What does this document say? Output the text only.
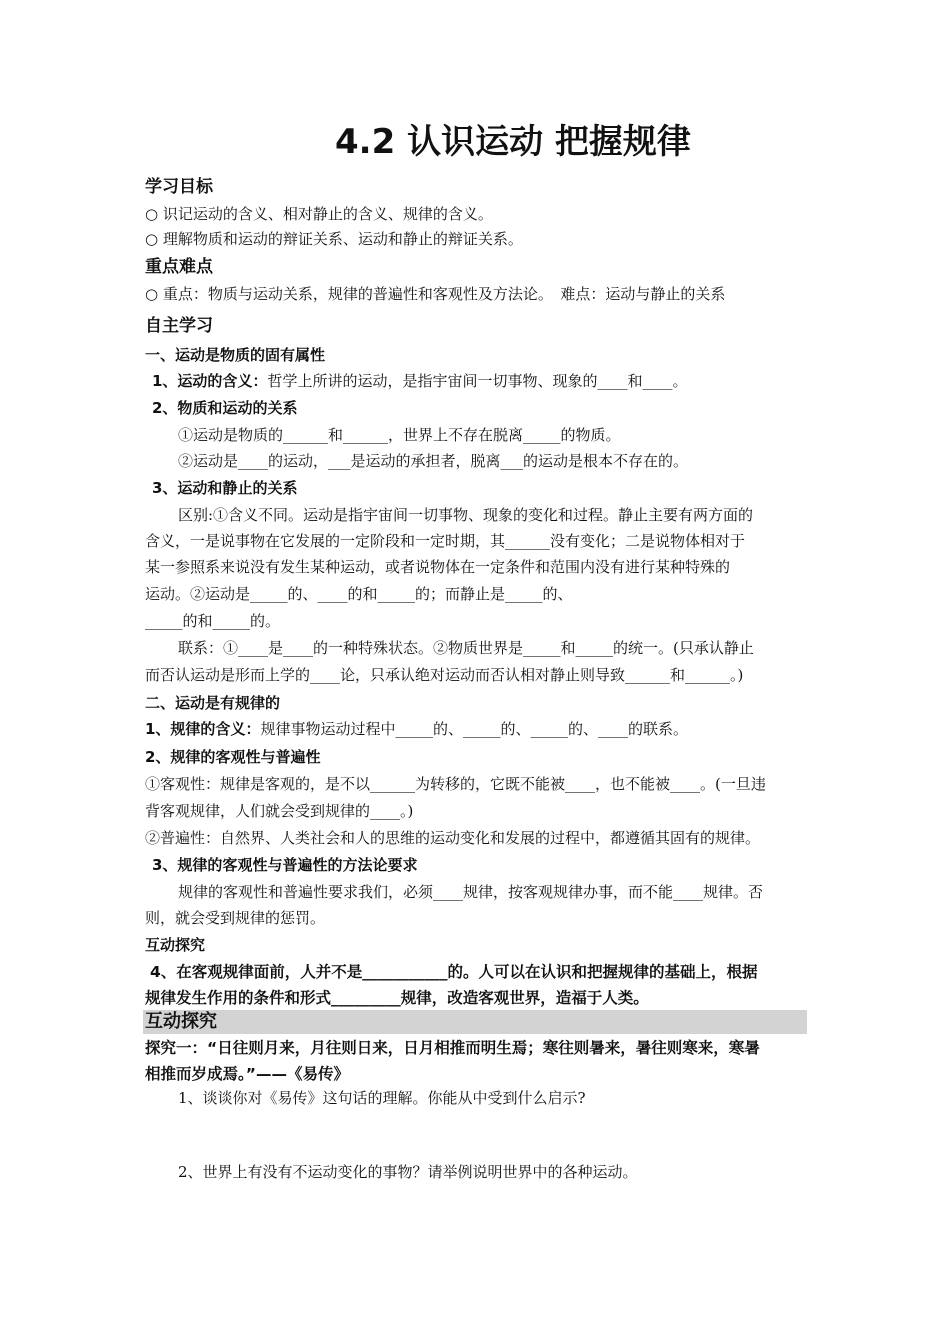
4.2 认识运动 把握规律
学习目标
○ 识记运动的含义、相对静止的含义、规律的含义。
○ 理解物质和运动的辩证关系、运动和静止的辩证关系。
重点难点
○ 重点：物质与运动关系，规律的普遍性和客观性及方法论。　难点：运动与静止的关系
自主学习
一、运动是物质的固有属性
1、运动的含义：哲学上所讲的运动，是指宇宙间一切事物、现象的____和____。
2、物质和运动的关系
①运动是物质的______和______，世界上不存在脱离_____的物质。
②运动是____的运动，___是运动的承担者，脱离___的运动是根本不存在的。
3、运动和静止的关系
区别:①含义不同。运动是指宇宙间一切事物、现象的变化和过程。静止主要有两方面的
含义，一是说事物在它发展的一定阶段和一定时期，其______没有变化；二是说物体相对于
某一参照系来说没有发生某种运动，或者说物体在一定条件和范围内没有进行某种特殊的
运动。②运动是_____的、____的和_____的；而静止是_____的、
_____的和_____的。
联系：①____是____的一种特殊状态。②物质世界是_____和_____的统一。(只承认静止
而否认运动是形而上学的____论，只承认绝对运动而否认相对静止则导致______和______。)
二、运动是有规律的
1、规律的含义：规律事物运动过程中_____的、_____的、_____的、____的联系。
2、规律的客观性与普遍性
①客观性：规律是客观的，是不以______为转移的，它既不能被____，也不能被____。(一旦违
背客观规律，人们就会受到规律的____。)
②普遍性：自然界、人类社会和人的思维的运动变化和发展的过程中，都遵循其固有的规律。
3、规律的客观性与普遍性的方法论要求
规律的客观性和普遍性要求我们，必须____规律，按客观规律办事，而不能____规律。否
则，就会受到规律的惩罚。
互动探究
4、在客观规律面前，人并不是___________的。人可以在认识和把握规律的基础上，根据
规律发生作用的条件和形式_________规律，改造客观世界，造福于人类。
互动探究
探究一：“日往则月来，月往则日来，日月相推而明生焉；寒往则暑来，暑往则寒来，寒暑
相推而岁成焉。”——《易传》
1、谈谈你对《易传》这句话的理解。你能从中受到什么启示?
2、世界上有没有不运动变化的事物？请举例说明世界中的各种运动。
